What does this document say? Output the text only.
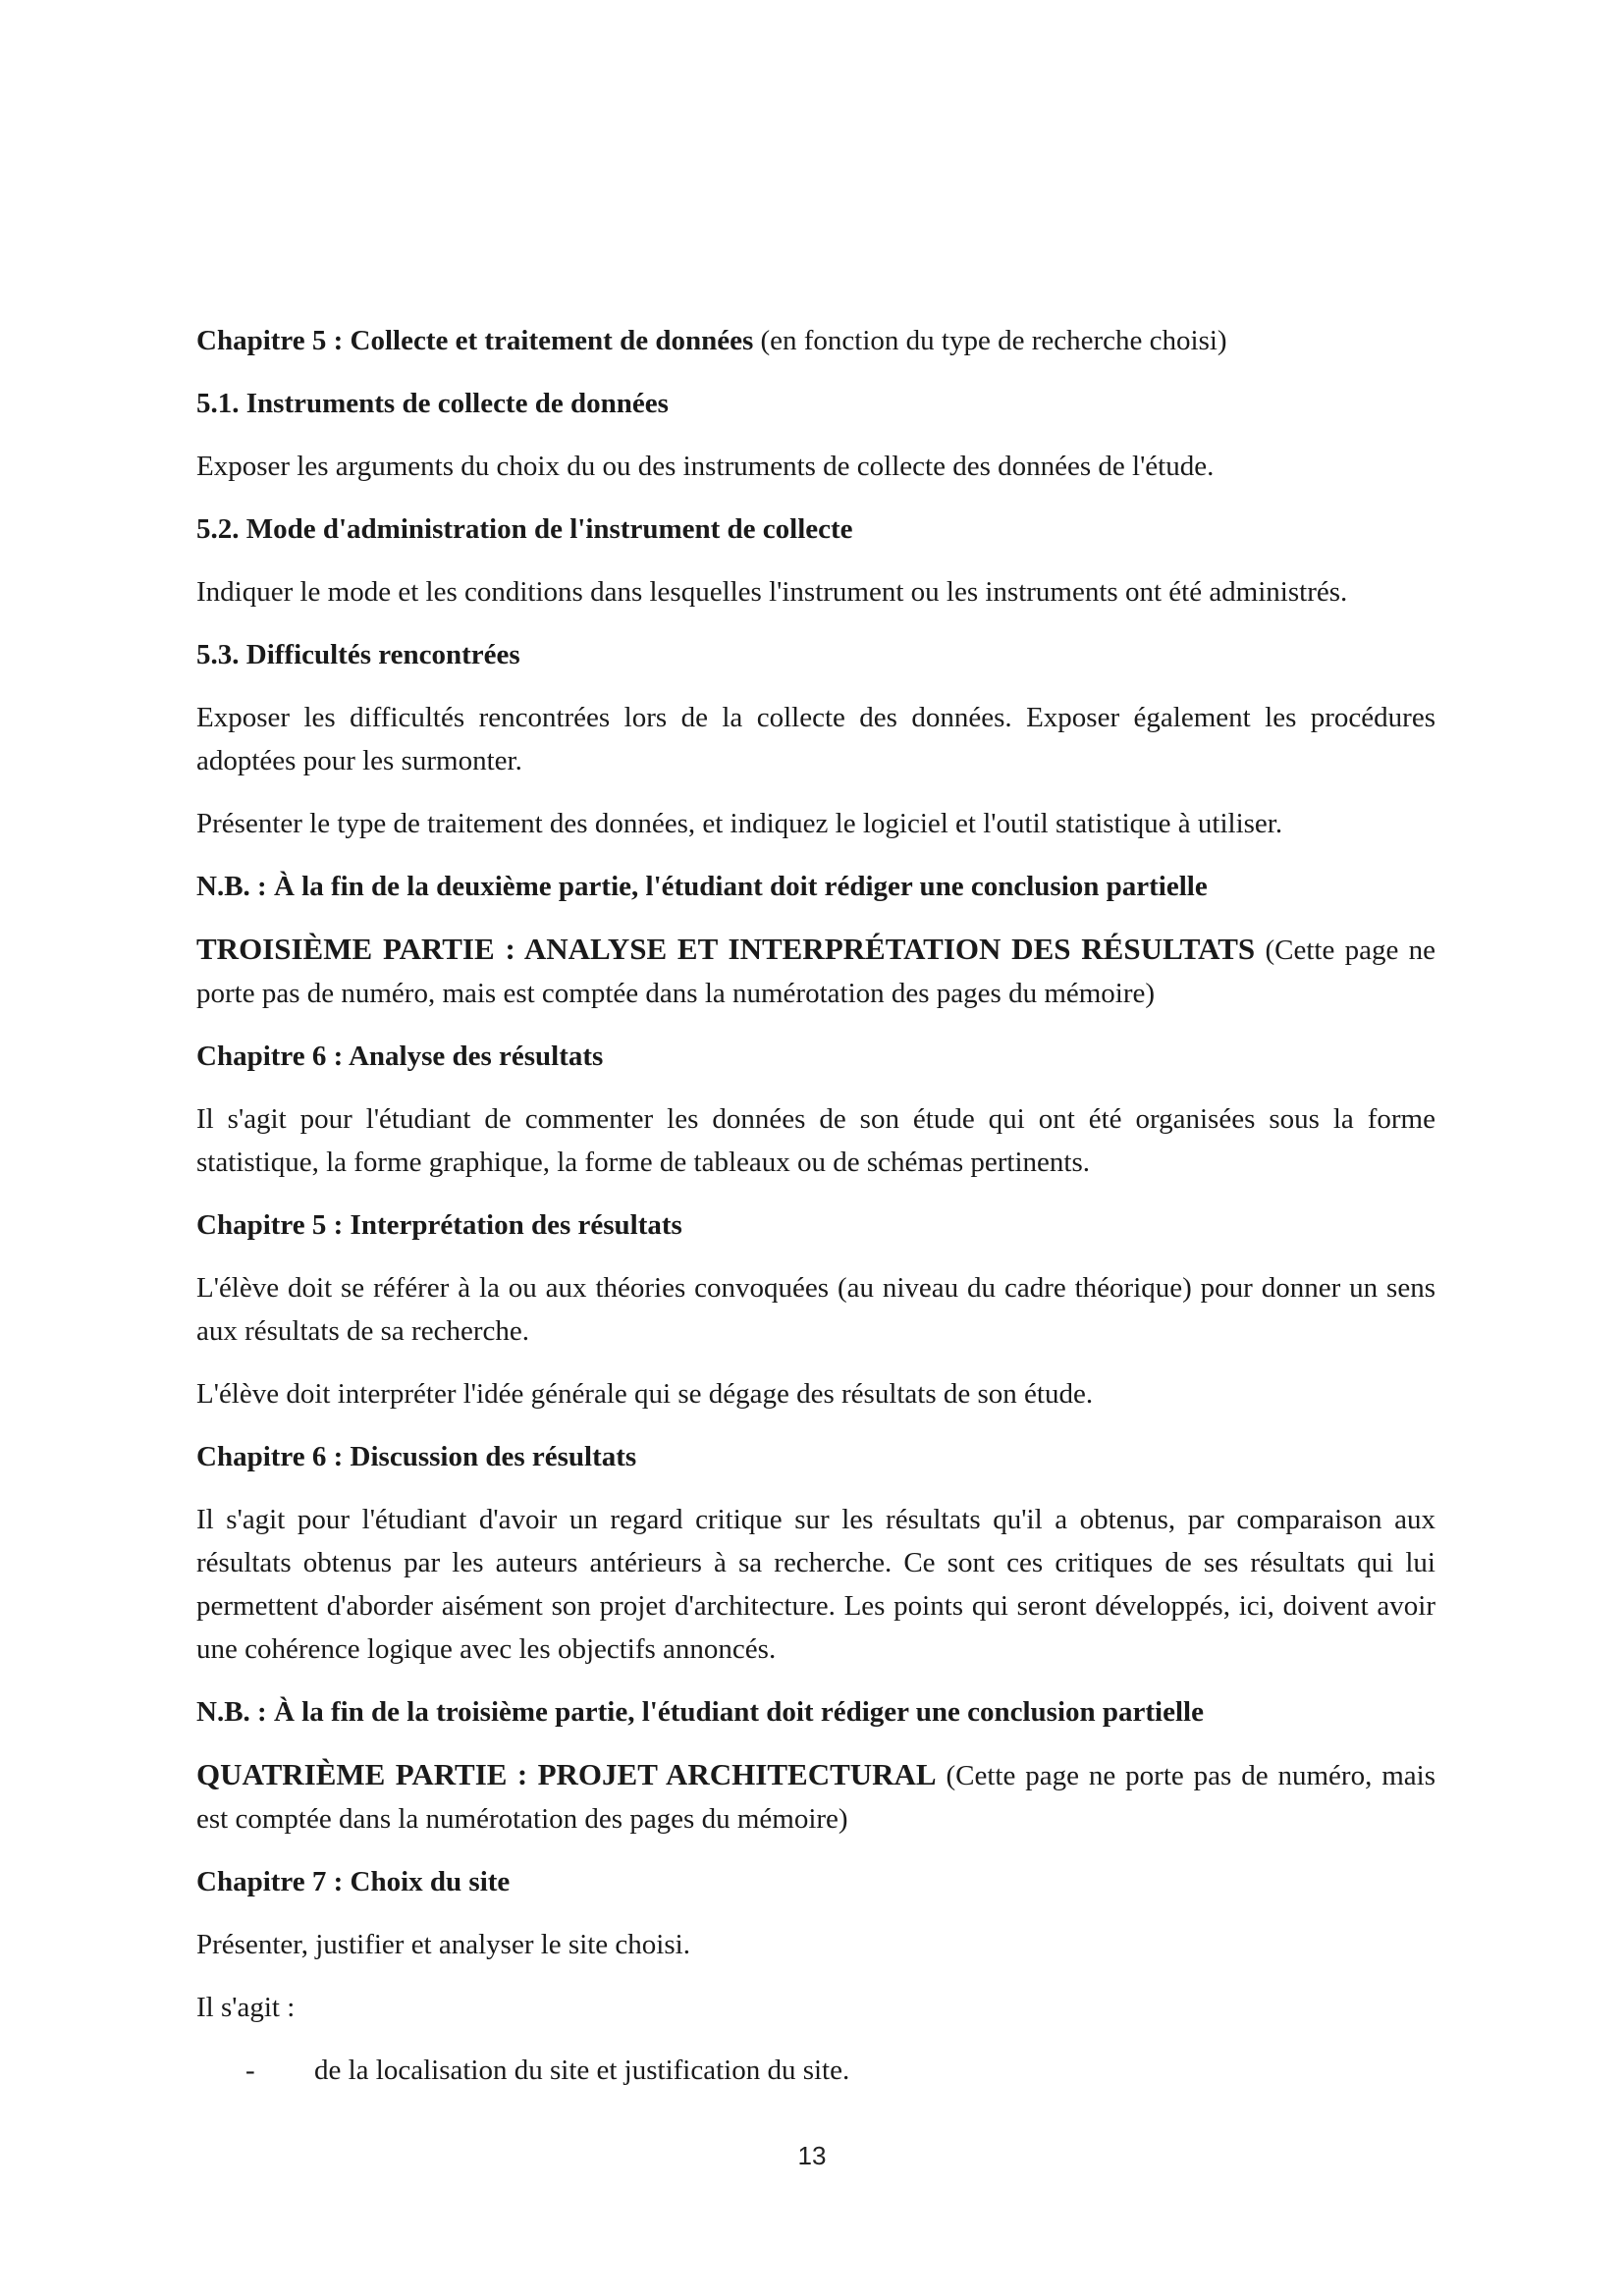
Chapitre 5 : Collecte et traitement de données (en fonction du type de recherche choisi)

5.1. Instruments de collecte de données

Exposer les arguments du choix du ou des instruments de collecte des données de l'étude.

5.2. Mode d'administration de l'instrument de collecte

Indiquer le mode et les conditions dans lesquelles l'instrument ou les instruments ont été administrés.

5.3. Difficultés rencontrées

Exposer les difficultés rencontrées lors de la collecte des données. Exposer également les procédures adoptées pour les surmonter.

Présenter le type de traitement des données, et indiquez le logiciel et l'outil statistique à utiliser.

N.B. : À la fin de la deuxième partie, l'étudiant doit rédiger une conclusion partielle

TROISIÈME PARTIE : ANALYSE ET INTERPRÉTATION DES RÉSULTATS (Cette page ne porte pas de numéro, mais est comptée dans la numérotation des pages du mémoire)

Chapitre 6 : Analyse des résultats

Il s'agit pour l'étudiant de commenter les données de son étude qui ont été organisées sous la forme statistique, la forme graphique, la forme de tableaux ou de schémas pertinents.

Chapitre 5 : Interprétation des résultats

L'élève doit se référer à la ou aux théories convoquées (au niveau du cadre théorique) pour donner un sens aux résultats de sa recherche.

L'élève doit interpréter l'idée générale qui se dégage des résultats de son étude.

Chapitre 6 : Discussion des résultats

Il s'agit pour l'étudiant d'avoir un regard critique sur les résultats qu'il a obtenus, par comparaison aux résultats obtenus par les auteurs antérieurs à sa recherche. Ce sont ces critiques de ses résultats qui lui permettent d'aborder aisément son projet d'architecture. Les points qui seront développés, ici, doivent avoir une cohérence logique avec les objectifs annoncés.

N.B. : À la fin de la troisième partie, l'étudiant doit rédiger une conclusion partielle

QUATRIÈME PARTIE : PROJET ARCHITECTURAL (Cette page ne porte pas de numéro, mais est comptée dans la numérotation des pages du mémoire)

Chapitre 7 : Choix du site

Présenter, justifier et analyser le site choisi.

Il s'agit :

- de la localisation du site et justification du site.
13
